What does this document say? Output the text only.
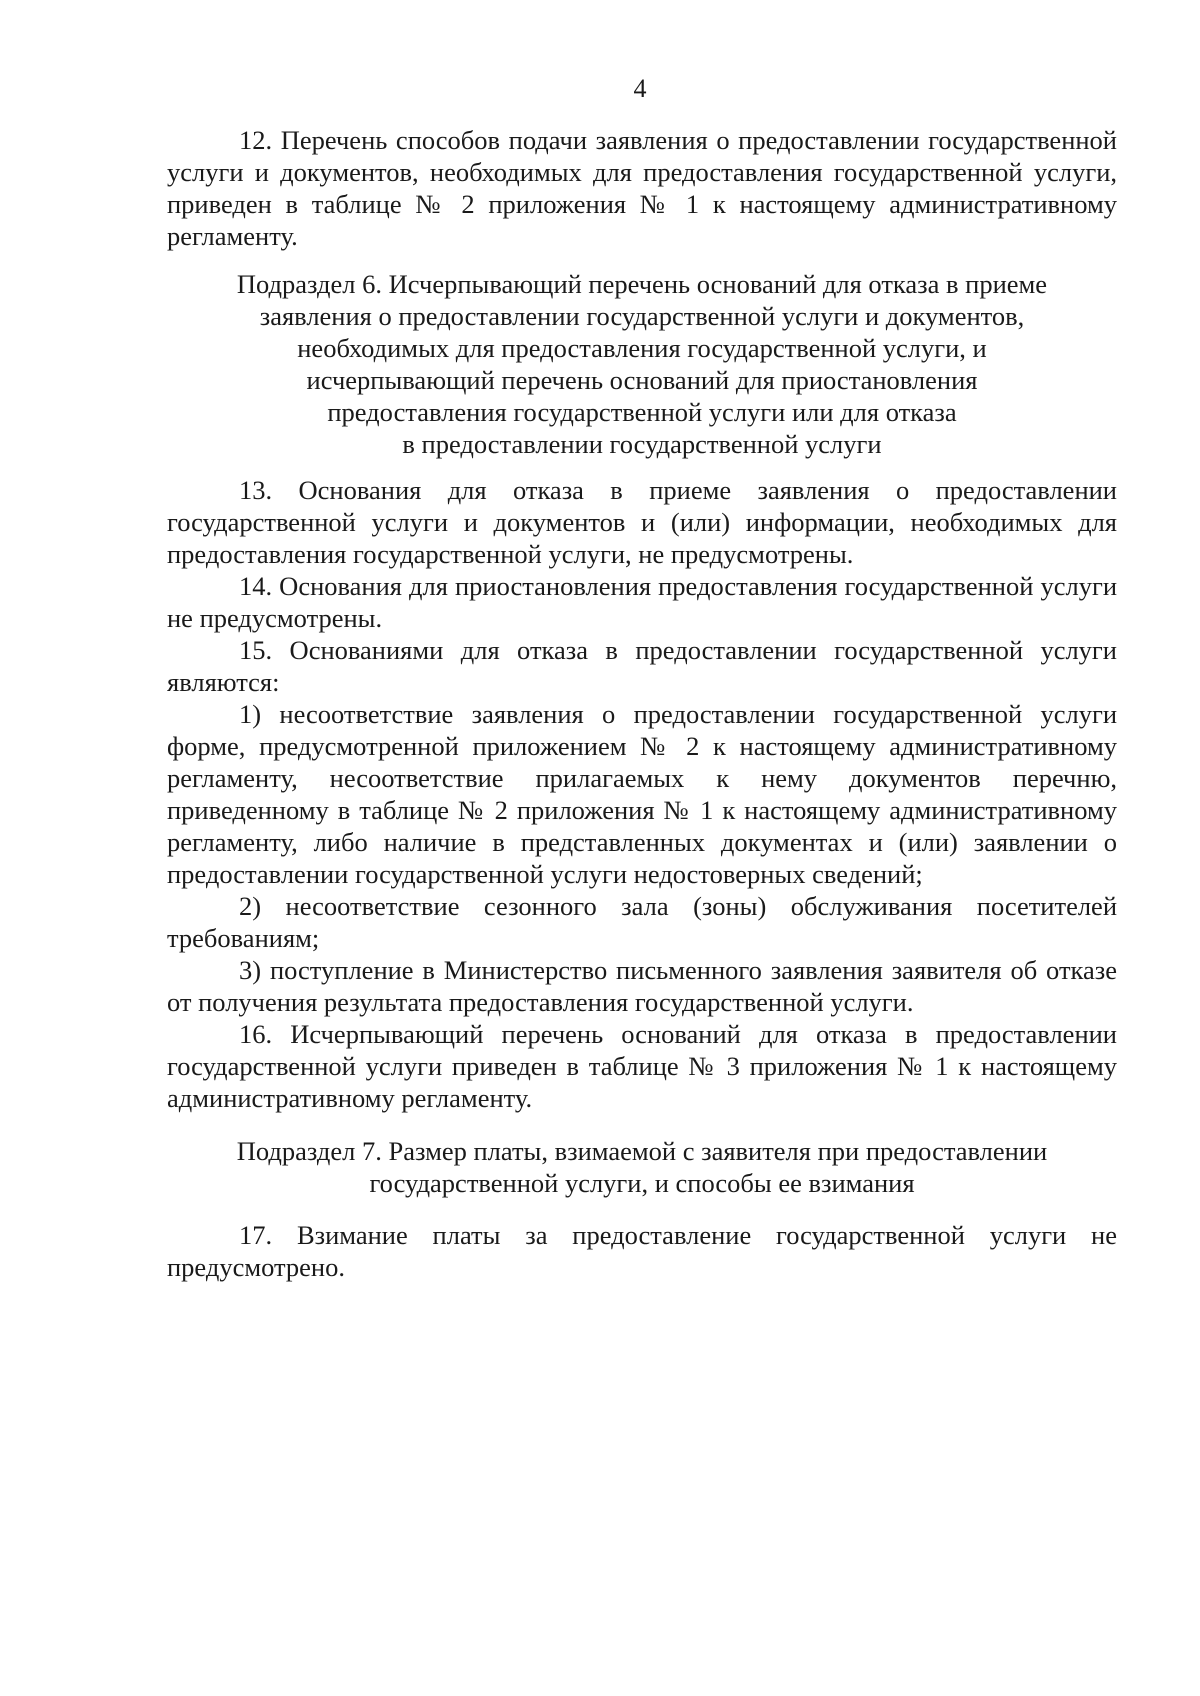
4

12. Перечень способов подачи заявления о предоставлении государственной услуги и документов, необходимых для предоставления государственной услуги, приведен в таблице № 2 приложения № 1 к настоящему административному регламенту.

Подраздел 6. Исчерпывающий перечень оснований для отказа в приеме
заявления о предоставлении государственной услуги и документов,
необходимых для предоставления государственной услуги, и
исчерпывающий перечень оснований для приостановления
предоставления государственной услуги или для отказа
в предоставлении государственной услуги

13. Основания для отказа в приеме заявления о предоставлении государственной услуги и документов и (или) информации, необходимых для предоставления государственной услуги, не предусмотрены.

14. Основания для приостановления предоставления государственной услуги не предусмотрены.

15. Основаниями для отказа в предоставлении государственной услуги являются:

1) несоответствие заявления о предоставлении государственной услуги форме, предусмотренной приложением № 2 к настоящему административному регламенту, несоответствие прилагаемых к нему документов перечню, приведенному в таблице № 2 приложения № 1 к настоящему административному регламенту, либо наличие в представленных документах и (или) заявлении о предоставлении государственной услуги недостоверных сведений;

2) несоответствие сезонного зала (зоны) обслуживания посетителей требованиям;

3) поступление в Министерство письменного заявления заявителя об отказе от получения результата предоставления государственной услуги.

16. Исчерпывающий перечень оснований для отказа в предоставлении государственной услуги приведен в таблице № 3 приложения № 1 к настоящему административному регламенту.

Подраздел 7. Размер платы, взимаемой с заявителя при предоставлении
государственной услуги, и способы ее взимания

17. Взимание платы за предоставление государственной услуги не предусмотрено.
